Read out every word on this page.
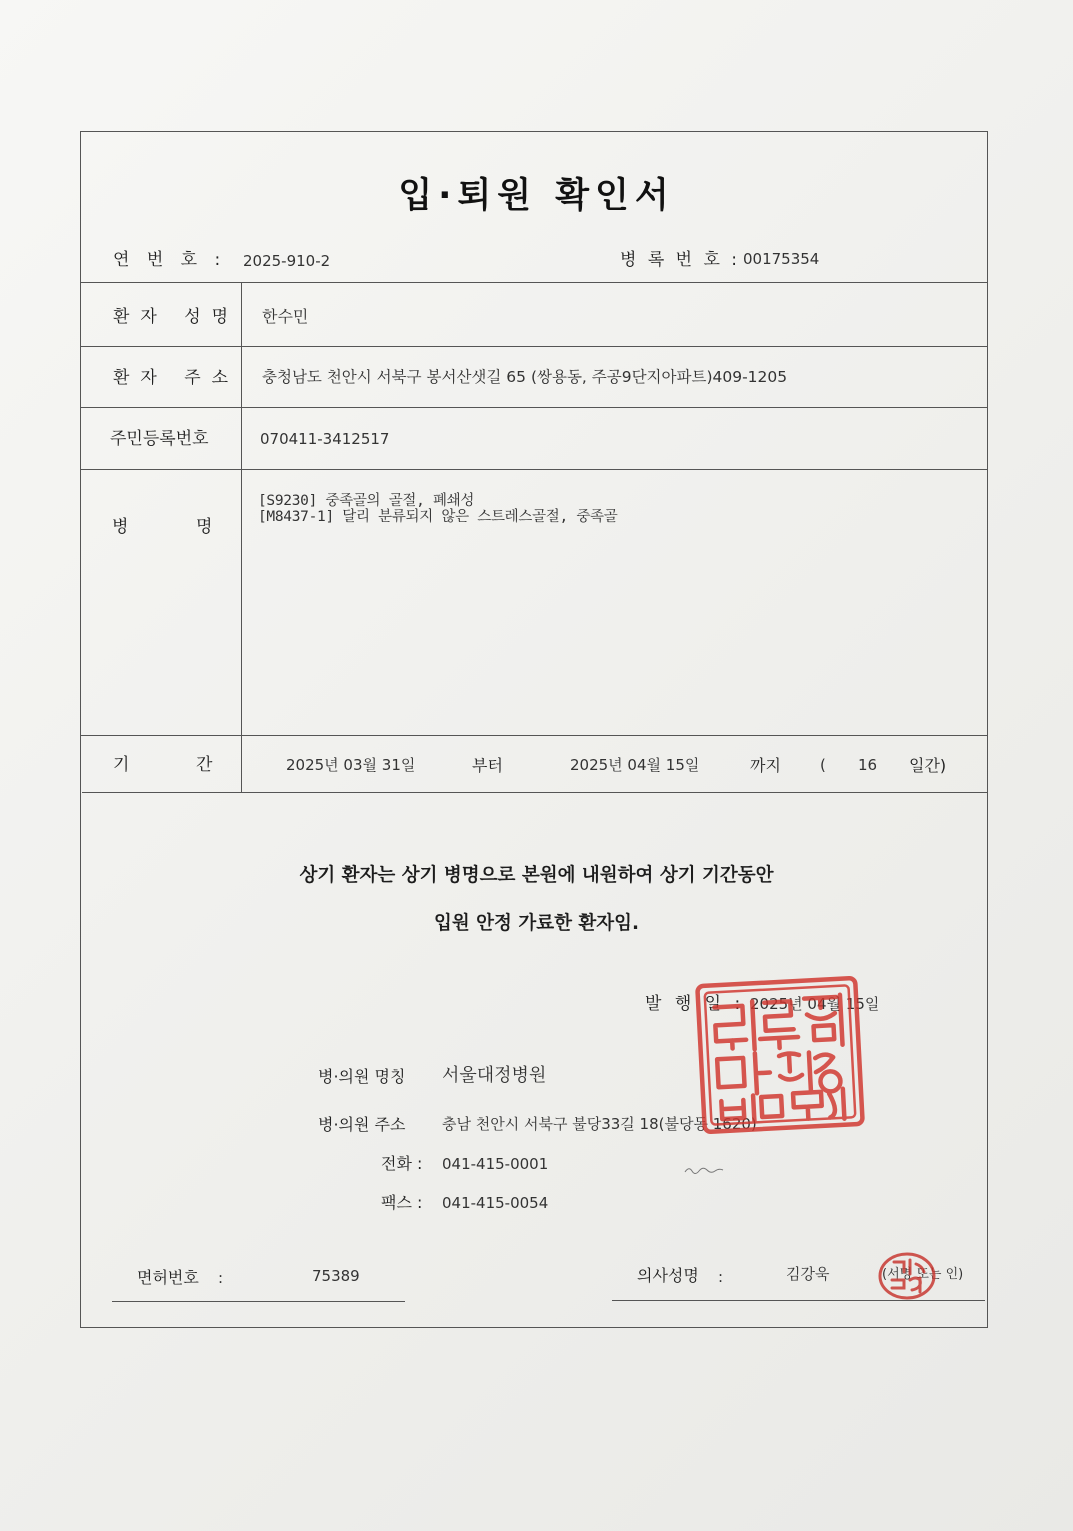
입·퇴원 확인서
연 번 호 : 2025-910-2	병 록 번 호 : 00175354
환자 성명 한수민
환자 주소 충청남도 천안시 서북구 봉서산샛길 65 (쌍용동, 주공9단지아파트)409-1205
주민등록번호	070411-3412517
병	명
[S9230] 중족골의 골절, 폐쇄성
[M8437-1] 달리 분류되지 않은 스트레스골절, 중족골
기	간	2025년 03월 31일	부터	2025년 04월 15일	까지	( 16 일간)
상기 환자는 상기 병명으로 본원에 내원하여 상기 기간동안
입원 안정 가료한 환자임.
발 행 일 : 2025년 04월 15일
병·의원 명칭 서울대정병원
병·의원 주소 충남 천안시 서북구 불당33길 18(불당동 1620)
전화 : 041-415-0001
팩스 : 041-415-0054
면허번호 :	75389	의사성명 :	김강욱	(서명 또는 인)
